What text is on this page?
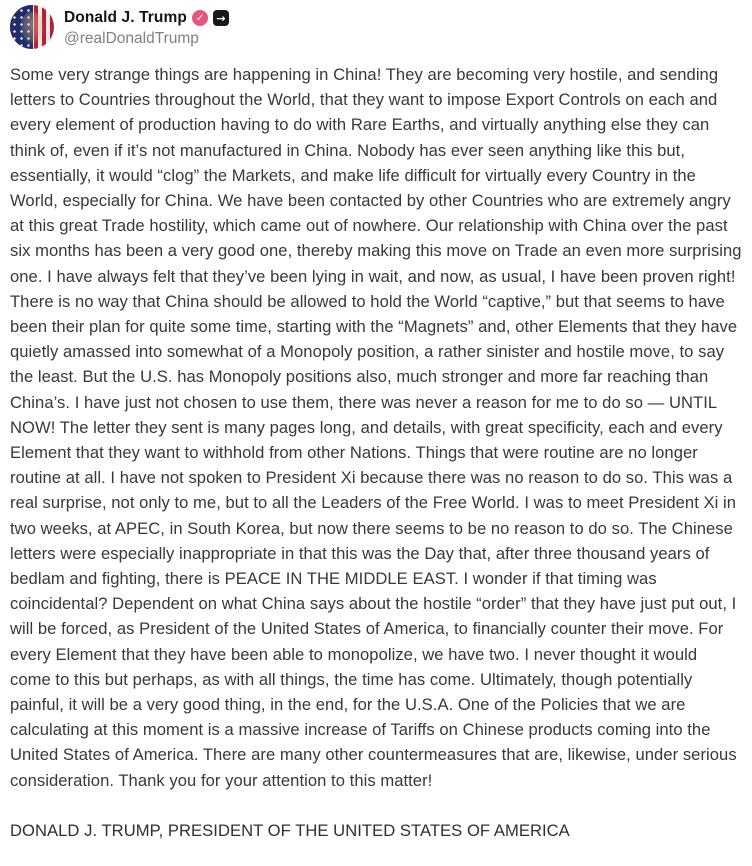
Donald J. Trump ✓	→
@realDonaldTrump

Some very strange things are happening in China! They are becoming very hostile, and sending letters to Countries throughout the World, that they want to impose Export Controls on each and every element of production having to do with Rare Earths, and virtually anything else they can think of, even if it’s not manufactured in China. Nobody has ever seen anything like this but, essentially, it would “clog” the Markets, and make life difficult for virtually every Country in the World, especially for China. We have been contacted by other Countries who are extremely angry at this great Trade hostility, which came out of nowhere. Our relationship with China over the past six months has been a very good one, thereby making this move on Trade an even more surprising one. I have always felt that they’ve been lying in wait, and now, as usual, I have been proven right! There is no way that China should be allowed to hold the World “captive,” but that seems to have been their plan for quite some time, starting with the “Magnets” and, other Elements that they have quietly amassed into somewhat of a Monopoly position, a rather sinister and hostile move, to say the least. But the U.S. has Monopoly positions also, much stronger and more far reaching than China’s. I have just not chosen to use them, there was never a reason for me to do so — UNTIL NOW! The letter they sent is many pages long, and details, with great specificity, each and every Element that they want to withhold from other Nations. Things that were routine are no longer routine at all. I have not spoken to President Xi because there was no reason to do so. This was a real surprise, not only to me, but to all the Leaders of the Free World. I was to meet President Xi in two weeks, at APEC, in South Korea, but now there seems to be no reason to do so. The Chinese letters were especially inappropriate in that this was the Day that, after three thousand years of bedlam and fighting, there is PEACE IN THE MIDDLE EAST. I wonder if that timing was coincidental? Dependent on what China says about the hostile “order” that they have just put out, I will be forced, as President of the United States of America, to financially counter their move. For every Element that they have been able to monopolize, we have two. I never thought it would come to this but perhaps, as with all things, the time has come. Ultimately, though potentially painful, it will be a very good thing, in the end, for the U.S.A. One of the Policies that we are calculating at this moment is a massive increase of Tariffs on Chinese products coming into the United States of America. There are many other countermeasures that are, likewise, under serious consideration. Thank you for your attention to this matter!

DONALD J. TRUMP, PRESIDENT OF THE UNITED STATES OF AMERICA
